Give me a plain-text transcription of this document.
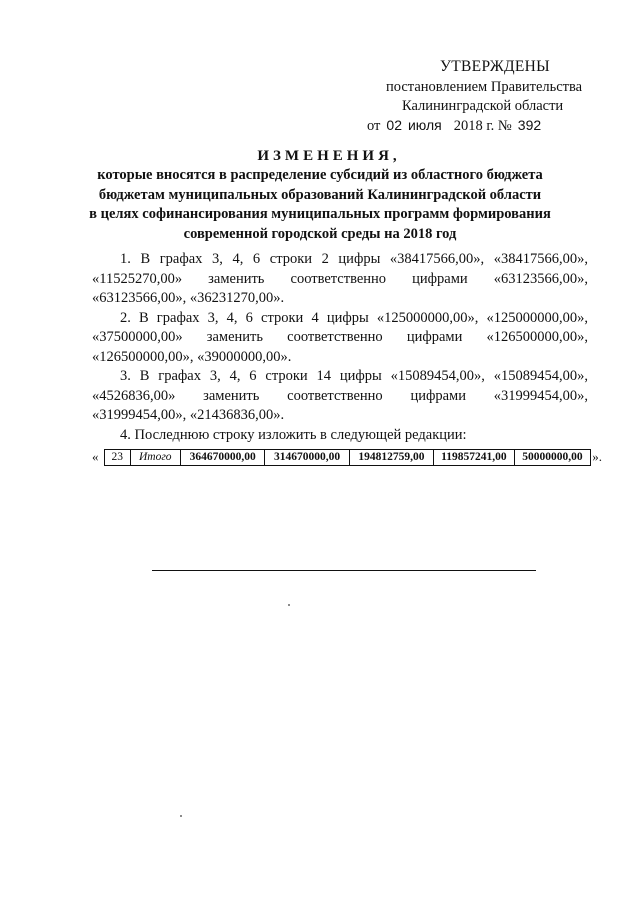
УТВЕРЖДЕНЫ
постановлением Правительства
Калининградской области
от 02 июля 2018 г. № 392
ИЗМЕНЕНИЯ,
которые вносятся в распределение субсидий из областного бюджета
бюджетам муниципальных образований Калининградской области
в целях софинансирования муниципальных программ формирования
современной городской среды на 2018 год
1. В графах 3, 4, 6 строки 2 цифры «38417566,00», «38417566,00»,
«11525270,00» заменить соответственно цифрами «63123566,00»,
«63123566,00», «36231270,00».
2. В графах 3, 4, 6 строки 4 цифры «125000000,00», «125000000,00»,
«37500000,00» заменить соответственно цифрами «126500000,00»,
«126500000,00», «39000000,00».
3. В графах 3, 4, 6 строки 14 цифры «15089454,00», «15089454,00»,
«4526836,00» заменить соответственно цифрами «31999454,00»,
«31999454,00», «21436836,00».
4. Последнюю строку изложить в следующей редакции:
«	23	Итого	364670000,00	314670000,00	194812759,00	119857241,00	50000000,00 ».
